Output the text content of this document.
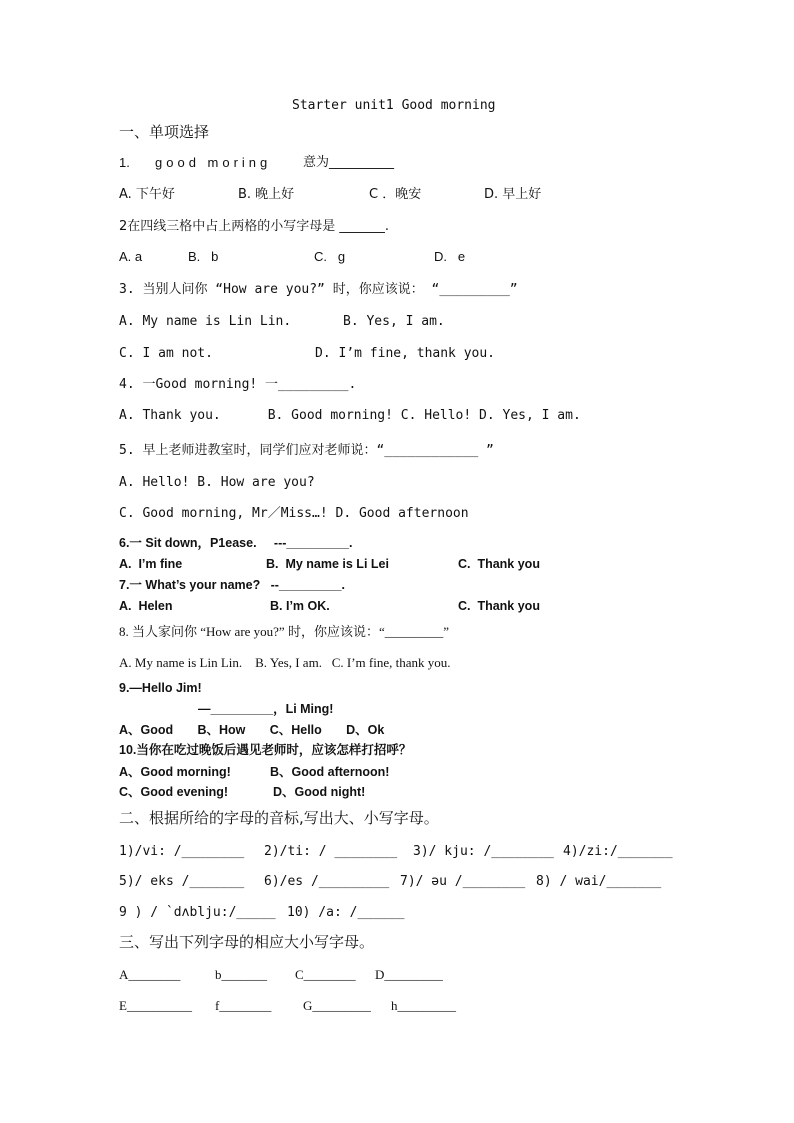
Starter unit1 Good morning
一、单项选择
1. good moring 意为__________
A. 下午好	B. 晚上好	C ．晚安	D. 早上好
2在四线三格中占上两格的小写字母是 _______.
A. a	B.   b	C.   g	D.   e
3. 当别人问你 “How are you?” 时，你应该说： “_________”
A. My name is Lin Lin.	B. Yes, I am.
C. I am not.	D. I’m fine, thank you.
4. 一Good morning! 一_________.
A. Thank you.      B. Good morning! C. Hello! D. Yes, I am.
5. 早上老师进教室时，同学们应对老师说：“____________ ”
A. Hello! B. How are you?
C. Good morning, Mr／Miss…! D. Good afternoon
6.一 Sit down，P1ease.     ---_________.
A.  I’m fine	B.  My name is Li Lei	C.  Thank you
7.一 What’s your name?   --_________.
A.  Helen	B. I’m OK.	C.  Thank you
8. 当人家问你 “How are you?” 时，你应该说：“_________”
A. My name is Lin Lin.    B. Yes, I am.   C. I’m fine, thank you.
9.—Hello Jim!
—_________，Li Ming!
A、Good       B、How       C、Hello       D、Ok
10.当你在吃过晚饭后遇见老师时，应该怎样打招呼？
A、Good morning!	B、Good afternoon!
C、Good evening!	D、Good night!
二、根据所给的字母的音标,写出大、小写字母。
1)/vi: /________ 2)/ti: / ________ 3)/ kju: /________ 4)/zi:/_______
5)/ eks /_______ 6)/es /_________ 7)/ əu /________ 8) / wai/_______
9 ) / `dʌblju:/_____ 10) /a: /______
三、写出下列字母的相应大小写字母。
A________	b_______ C________ D_________
E__________ f________ G_________ h_________
